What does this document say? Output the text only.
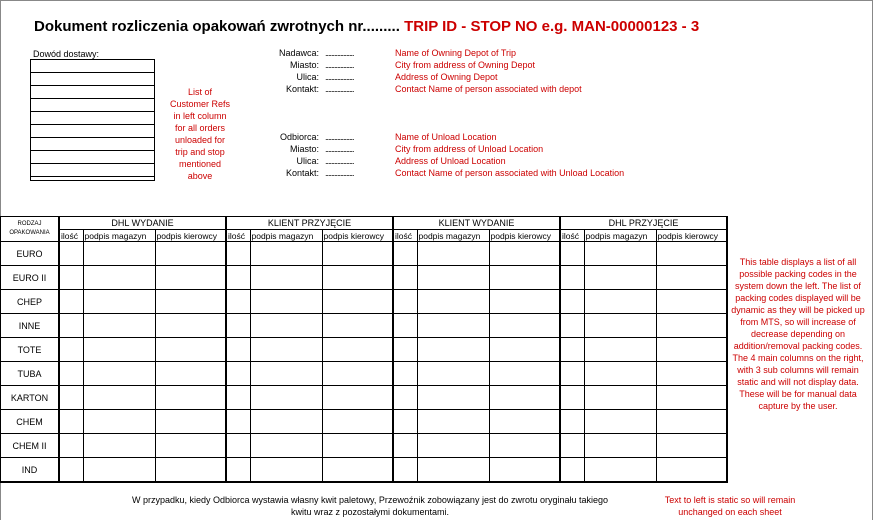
Dokument rozliczenia opakowań zwrotnych nr......... TRIP ID - STOP NO e.g. MAN-00000123 - 3
Dowód dostawy:
List of
Customer Refs
in left column
for all orders
unloaded for
trip and stop
mentioned
above
Nadawca: .....	Name of Owning Depot of Trip
Miasto: .....	City from address of Owning Depot
Ulica: .....	Address of Owning Depot
Kontakt: .....	Contact Name of person associated with depot
Odbiorca: .....	Name of Unload Location
Miasto: .....	City from address of Unload Location
Ulica: .....	Address of Unload Location
Kontakt: .....	Contact Name of person associated with Unload Location
RODZAJ
OPAKOWANIA	DHL WYDANIE			KLIENT PRZYJĘCIE			KLIENT WYDANIE			DHL PRZYJĘCIE		
	ilość	podpis magazyn	podpis kierowcy	ilość	podpis magazyn	podpis kierowcy	ilość	podpis magazyn	podpis kierowcy	ilość	podpis magazyn	podpis kierowcy
EURO												
EURO II												
CHEP												
INNE												
TOTE												
TUBA												
KARTON												
CHEM												
CHEM II												
IND												
This table displays a list of all possible packing codes in the system down the left. The list of packing codes displayed will be dynamic as they will be picked up from MTS, so will increase of decrease depending on addition/removal packing codes. The 4 main columns on the right, with 3 sub columns will remain static and will not display data. These will be for manual data capture by the user.
W przypadku, kiedy Odbiorca wystawia własny kwit paletowy, Przewoźnik zobowiązany jest do zwrotu oryginału takiego
kwitu wraz z pozostałymi dokumentami.
Text to left is static so will remain
unchanged on each sheet
